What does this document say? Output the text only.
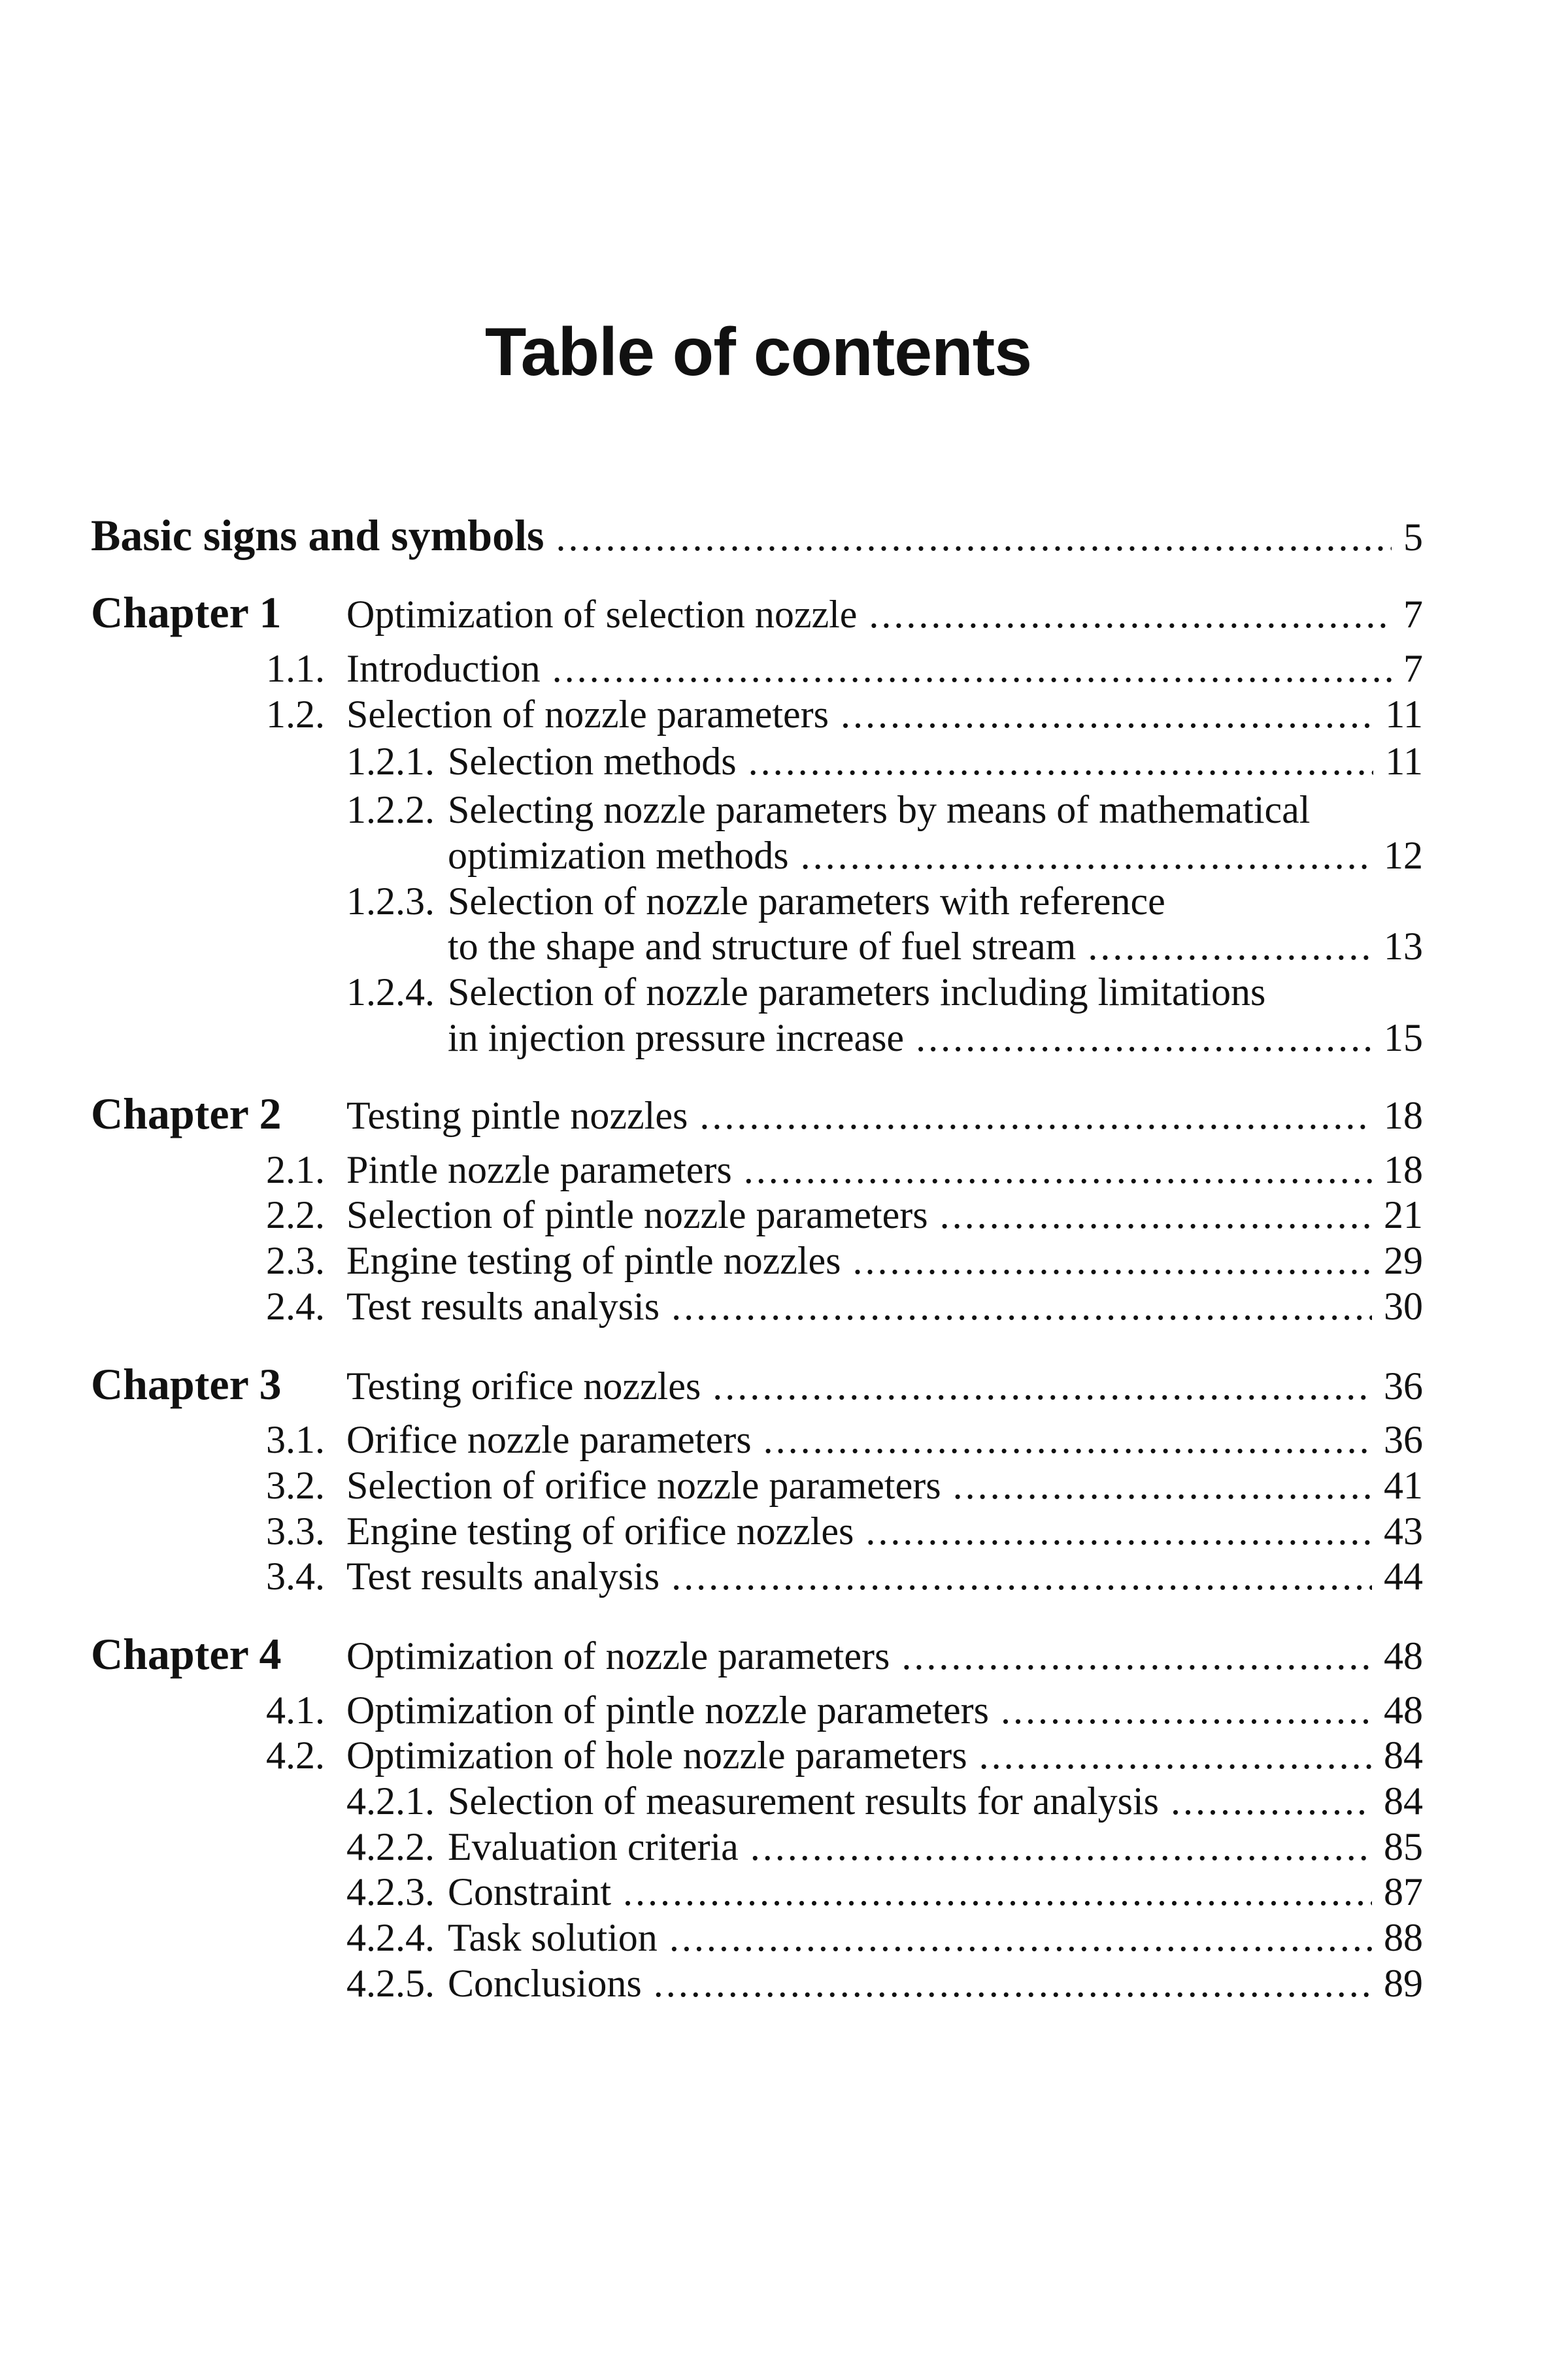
Table of contents
Basic signs and symbols .....	5
Chapter 1	Optimization of selection nozzle .....	7
1.1. Introduction .....	7
1.2. Selection of nozzle parameters .....	11
1.2.1. Selection methods .....	11
1.2.2. Selecting nozzle parameters by means of mathematical
optimization methods .....	12
1.2.3. Selection of nozzle parameters with reference
to the shape and structure of fuel stream .....	13
1.2.4. Selection of nozzle parameters including limitations
in injection pressure increase .....	15
Chapter 2	Testing pintle nozzles .....	18
2.1. Pintle nozzle parameters .....	18
2.2. Selection of pintle nozzle parameters .....	21
2.3. Engine testing of pintle nozzles .....	29
2.4. Test results analysis .....	30
Chapter 3	Testing orifice nozzles .....	36
3.1. Orifice nozzle parameters .....	36
3.2. Selection of orifice nozzle parameters .....	41
3.3. Engine testing of orifice nozzles .....	43
3.4. Test results analysis .....	44
Chapter 4	Optimization of nozzle parameters .....	48
4.1. Optimization of pintle nozzle parameters .....	48
4.2. Optimization of hole nozzle parameters .....	84
4.2.1. Selection of measurement results for analysis .....	84
4.2.2. Evaluation criteria .....	85
4.2.3. Constraint .....	87
4.2.4. Task solution .....	88
4.2.5. Conclusions .....	89
